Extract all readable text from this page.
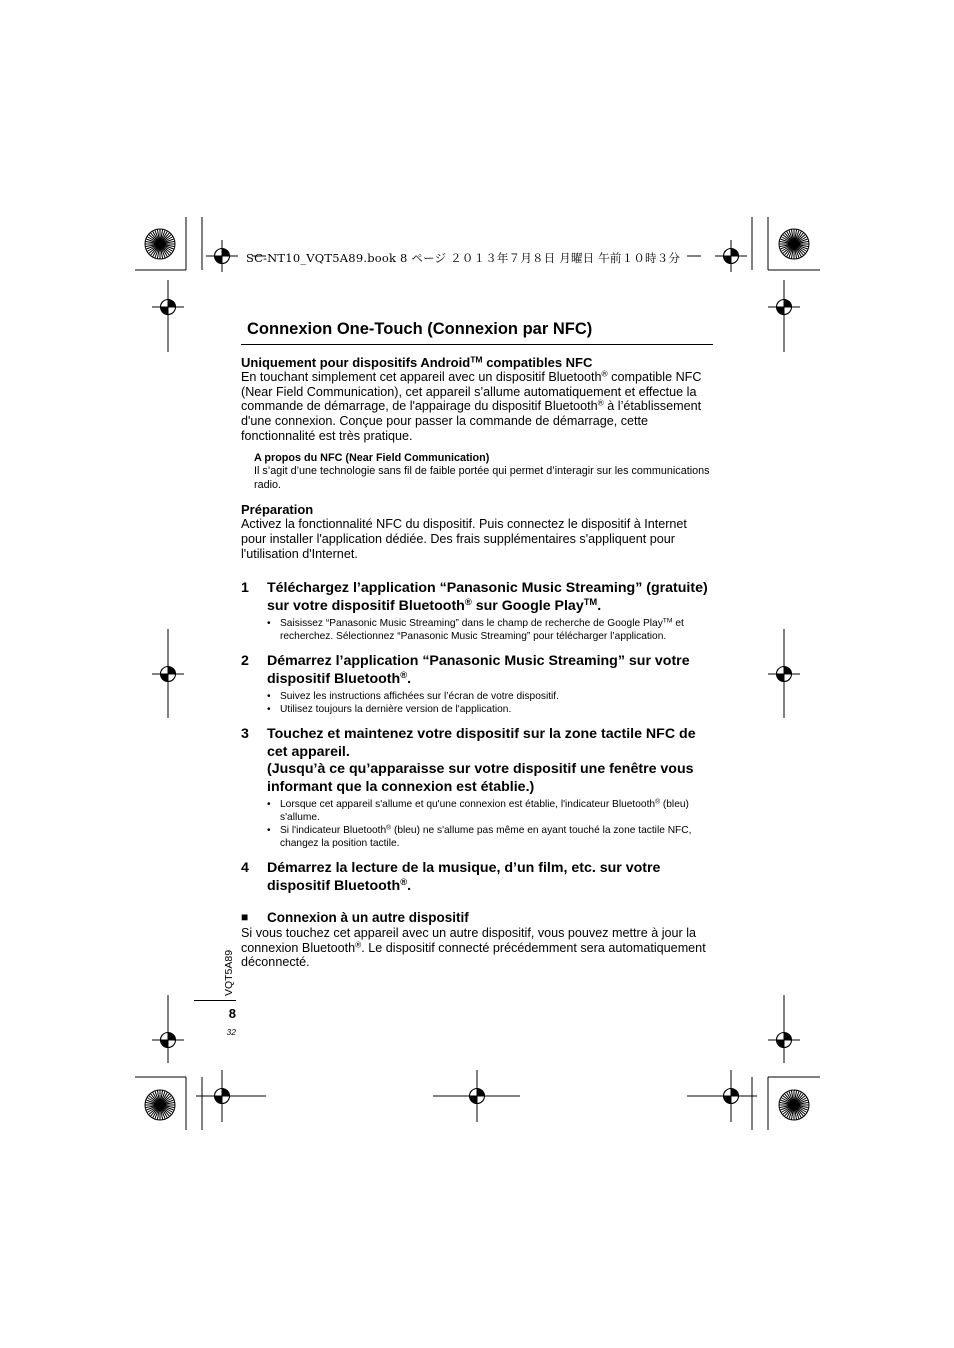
SC-NT10_VQT5A89.book 8 ページ ２０１３年７月８日 月曜日 午前１０時３分
Connexion One-Touch (Connexion par NFC)

Uniquement pour dispositifs Android™ compatibles NFC

En touchant simplement cet appareil avec un dispositif Bluetooth® compatible NFC (Near Field Communication), cet appareil s’allume automatiquement et effectue la commande de démarrage, de l'appairage du dispositif Bluetooth® à l’établissement d'une connexion. Conçue pour passer la commande de démarrage, cette fonctionnalité est très pratique.

A propos du NFC (Near Field Communication)

Il s’agit d’une technologie sans fil de faible portée qui permet d’interagir sur les communications radio.

Préparation

Activez la fonctionnalité NFC du dispositif. Puis connectez le dispositif à Internet pour installer l'application dédiée. Des frais supplémentaires s'appliquent pour l'utilisation d'Internet.

1	Téléchargez l’application “Panasonic Music Streaming” (gratuite) sur votre dispositif Bluetooth® sur Google Play™.

• Saisissez “Panasonic Music Streaming” dans le champ de recherche de Google Play™ et recherchez. Sélectionnez “Panasonic Music Streaming” pour télécharger l’application.
2	Démarrez l’application “Panasonic Music Streaming” sur votre dispositif Bluetooth®.

• Suivez les instructions affichées sur l’écran de votre dispositif.
• Utilisez toujours la dernière version de l'application.
3	Touchez et maintenez votre dispositif sur la zone tactile NFC de cet appareil.

(Jusqu’à ce qu’apparaisse sur votre dispositif une fenêtre vous informant que la connexion est établie.)

• Lorsque cet appareil s'allume et qu'une connexion est établie, l'indicateur Bluetooth® (bleu) s'allume.
• Si l'indicateur Bluetooth® (bleu) ne s'allume pas même en ayant touché la zone tactile NFC, changez la position tactile.
4	Démarrez la lecture de la musique, d’un film, etc. sur votre dispositif Bluetooth®.

■	Connexion à un autre dispositif

Si vous touchez cet appareil avec un autre dispositif, vous pouvez mettre à jour la connexion Bluetooth®. Le dispositif connecté précédemment sera automatiquement déconnecté.

VQT5A89
8
32
